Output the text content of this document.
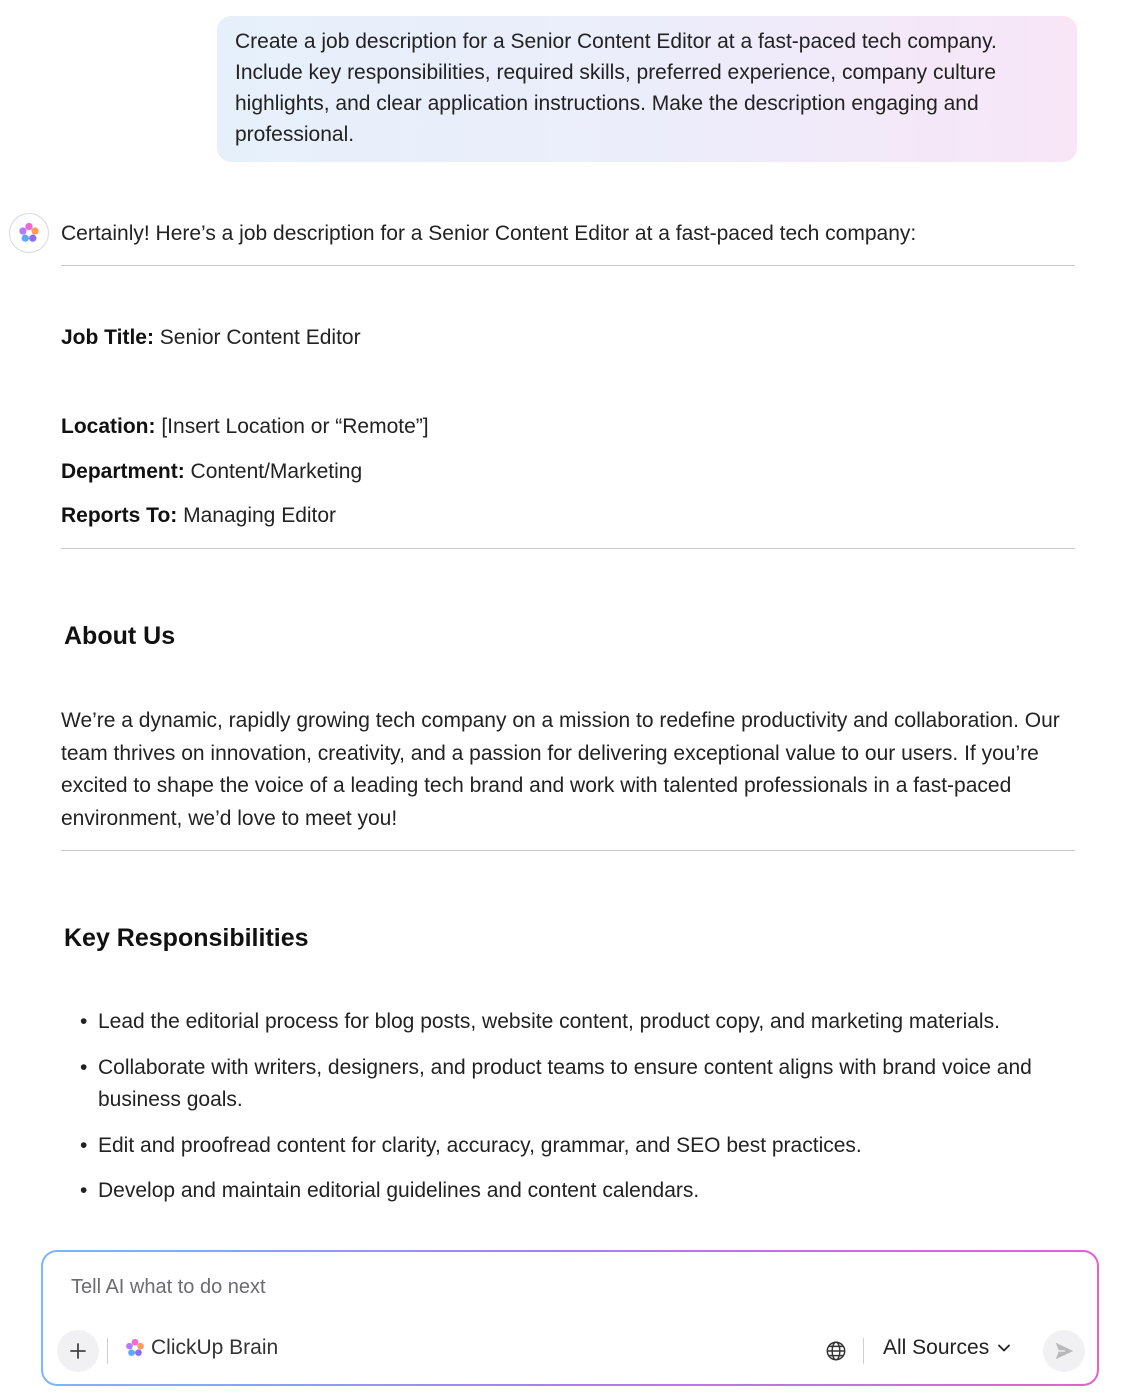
Create a job description for a Senior Content Editor at a fast-paced tech company. Include key responsibilities, required skills, preferred experience, company culture highlights, and clear application instructions. Make the description engaging and professional.
Certainly! Here’s a job description for a Senior Content Editor at a fast-paced tech company:
Job Title: Senior Content Editor
Location: [Insert Location or “Remote”]
Department: Content/Marketing
Reports To: Managing Editor
About Us
We’re a dynamic, rapidly growing tech company on a mission to redefine productivity and collaboration. Our team thrives on innovation, creativity, and a passion for delivering exceptional value to our users. If you’re excited to shape the voice of a leading tech brand and work with talented professionals in a fast-paced environment, we’d love to meet you!
Key Responsibilities
• Lead the editorial process for blog posts, website content, product copy, and marketing materials.
• Collaborate with writers, designers, and product teams to ensure content aligns with brand voice and business goals.
• Edit and proofread content for clarity, accuracy, grammar, and SEO best practices.
• Develop and maintain editorial guidelines and content calendars.
Tell AI what to do next
ClickUp Brain	All Sources
